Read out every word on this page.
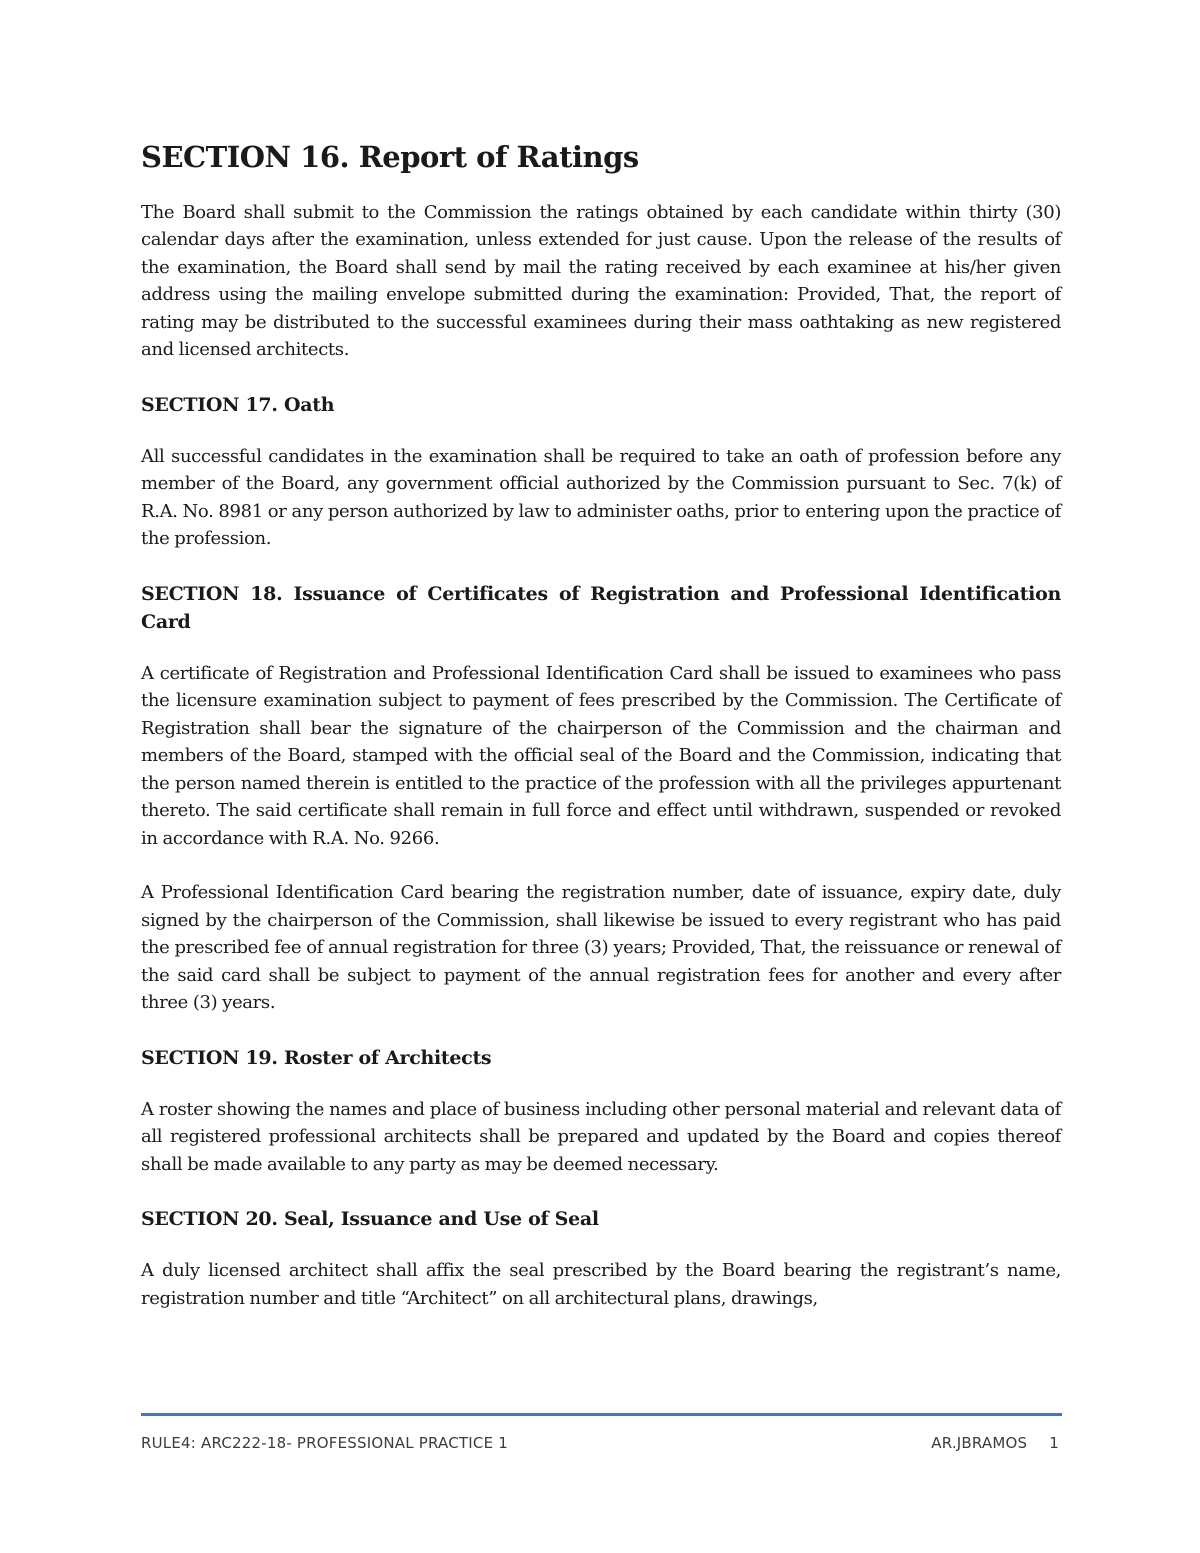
SECTION 16. Report of Ratings

The Board shall submit to the Commission the ratings obtained by each candidate within thirty (30) calendar days after the examination, unless extended for just cause. Upon the release of the results of the examination, the Board shall send by mail the rating received by each examinee at his/her given address using the mailing envelope submitted during the examination: Provided, That, the report of rating may be distributed to the successful examinees during their mass oathtaking as new registered and licensed architects.

SECTION 17. Oath

All successful candidates in the examination shall be required to take an oath of profession before any member of the Board, any government official authorized by the Commission pursuant to Sec. 7(k) of R.A. No. 8981 or any person authorized by law to administer oaths, prior to entering upon the practice of the profession.

SECTION 18. Issuance of Certificates of Registration and Professional Identification Card

A certificate of Registration and Professional Identification Card shall be issued to examinees who pass the licensure examination subject to payment of fees prescribed by the Commission. The Certificate of Registration shall bear the signature of the chairperson of the Commission and the chairman and members of the Board, stamped with the official seal of the Board and the Commission, indicating that the person named therein is entitled to the practice of the profession with all the privileges appurtenant thereto. The said certificate shall remain in full force and effect until withdrawn, suspended or revoked in accordance with R.A. No. 9266.

A Professional Identification Card bearing the registration number, date of issuance, expiry date, duly signed by the chairperson of the Commission, shall likewise be issued to every registrant who has paid the prescribed fee of annual registration for three (3) years; Provided, That, the reissuance or renewal of the said card shall be subject to payment of the annual registration fees for another and every after three (3) years.

SECTION 19. Roster of Architects

A roster showing the names and place of business including other personal material and relevant data of all registered professional architects shall be prepared and updated by the Board and copies thereof shall be made available to any party as may be deemed necessary.

SECTION 20. Seal, Issuance and Use of Seal

A duly licensed architect shall affix the seal prescribed by the Board bearing the registrant’s name, registration number and title “Architect” on all architectural plans, drawings,

RULE4: ARC222-18- PROFESSIONAL PRACTICE 1	AR.JBRAMOS 1
